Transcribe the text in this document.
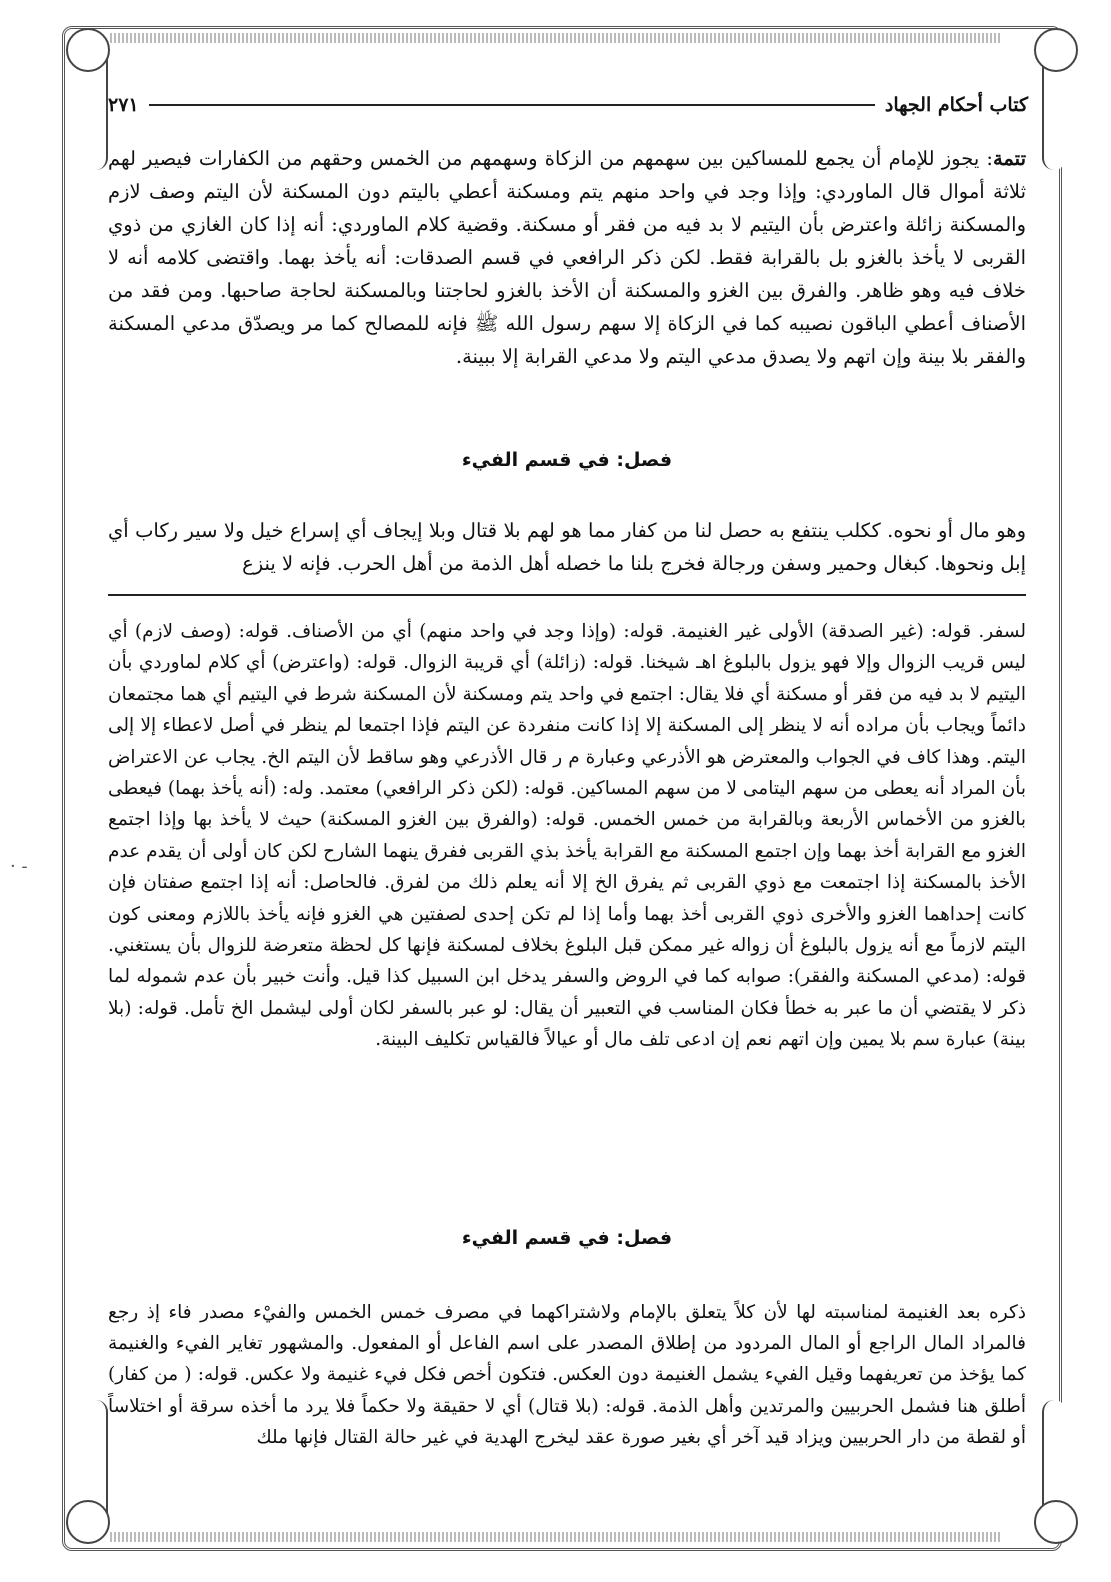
كتاب أحكام الجهاد
٢٧١

تتمة: يجوز للإمام أن يجمع للمساكين بين سهمهم من الزكاة وسهمهم من الخمس وحقهم من الكفارات فيصير لهم ثلاثة أموال قال الماوردي: وإذا وجد في واحد منهم يتم ومسكنة أعطي باليتم دون المسكنة لأن اليتم وصف لازم والمسكنة زائلة واعترض بأن اليتيم لا بد فيه من فقر أو مسكنة. وقضية كلام الماوردي: أنه إذا كان الغازي من ذوي القربى لا يأخذ بالغزو بل بالقرابة فقط. لكن ذكر الرافعي في قسم الصدقات: أنه يأخذ بهما. واقتضى كلامه أنه لا خلاف فيه وهو ظاهر. والفرق بين الغزو والمسكنة أن الأخذ بالغزو لحاجتنا وبالمسكنة لحاجة صاحبها. ومن فقد من الأصناف أعطي الباقون نصيبه كما في الزكاة إلا سهم رسول الله ﷺ فإنه للمصالح كما مر ويصدّق مدعي المسكنة والفقر بلا بينة وإن اتهم ولا يصدق مدعي اليتم ولا مدعي القرابة إلا ببينة.

فصل: في قسم الفيء

وهو مال أو نحوه. ككلب ينتفع به حصل لنا من كفار مما هو لهم بلا قتال وبلا إيجاف أي إسراع خيل ولا سير ركاب أي إبل ونحوها. كبغال وحمير وسفن ورجالة فخرج بلنا ما خصله أهل الذمة من أهل الحرب. فإنه لا ينزع

لسفر. قوله: (غير الصدقة) الأولى غير الغنيمة. قوله: (وإذا وجد في واحد منهم) أي من الأصناف. قوله: (وصف لازم) أي ليس قريب الزوال وإلا فهو يزول بالبلوغ اهـ شيخنا. قوله: (زائلة) أي قريبة الزوال. قوله: (واعترض) أي كلام لماوردي بأن اليتيم لا بد فيه من فقر أو مسكنة أي فلا يقال: اجتمع في واحد يتم ومسكنة لأن المسكنة شرط في اليتيم أي هما مجتمعان دائماً ويجاب بأن مراده أنه لا ينظر إلى المسكنة إلا إذا كانت منفردة عن اليتم فإذا اجتمعا لم ينظر في أصل لاعطاء إلا إلى اليتم. وهذا كاف في الجواب والمعترض هو الأذرعي وعبارة م ر قال الأذرعي وهو ساقط لأن اليتم الخ. يجاب عن الاعتراض بأن المراد أنه يعطى من سهم اليتامى لا من سهم المساكين. قوله: (لكن ذكر الرافعي) معتمد. وله: (أنه يأخذ بهما) فيعطى بالغزو من الأخماس الأربعة وبالقرابة من خمس الخمس. قوله: (والفرق بين الغزو المسكنة) حيث لا يأخذ بها وإذا اجتمع الغزو مع القرابة أخذ بهما وإن اجتمع المسكنة مع القرابة يأخذ بذي القربى ففرق ينهما الشارح لكن كان أولى أن يقدم عدم الأخذ بالمسكنة إذا اجتمعت مع ذوي القربى ثم يفرق الخ إلا أنه يعلم ذلك من لفرق. فالحاصل: أنه إذا اجتمع صفتان فإن كانت إحداهما الغزو والأخرى ذوي القربى أخذ بهما وأما إذا لم تكن إحدى لصفتين هي الغزو فإنه يأخذ باللازم ومعنى كون اليتم لازماً مع أنه يزول بالبلوغ أن زواله غير ممكن قبل البلوغ بخلاف لمسكنة فإنها كل لحظة متعرضة للزوال بأن يستغني. قوله: (مدعي المسكنة والفقر): صوابه كما في الروض والسفر يدخل ابن السبيل كذا قيل. وأنت خبير بأن عدم شموله لما ذكر لا يقتضي أن ما عبر به خطأ فكان المناسب في التعبير أن يقال: لو عبر بالسفر لكان أولى ليشمل الخ تأمل. قوله: (بلا بينة) عبارة سم بلا يمين وإن اتهم نعم إن ادعى تلف مال أو عيالاً فالقياس تكليف البينة.

فصل: في قسم الفيء

ذكره بعد الغنيمة لمناسبته لها لأن كلاً يتعلق بالإمام ولاشتراكهما في مصرف خمس الخمس والفيْء مصدر فاء إذ رجع فالمراد المال الراجع أو المال المردود من إطلاق المصدر على اسم الفاعل أو المفعول. والمشهور تغاير الفيء والغنيمة كما يؤخذ من تعريفهما وقيل الفيء يشمل الغنيمة دون العكس. فتكون أخص فكل فيء غنيمة ولا عكس. قوله: ( من كفار) أطلق هنا فشمل الحربيين والمرتدين وأهل الذمة. قوله: (بلا قتال) أي لا حقيقة ولا حكماً فلا يرد ما أخذه سرقة أو اختلاساً أو لقطة من دار الحربيين ويزاد قيد آخر أي بغير صورة عقد ليخرج الهدية في غير حالة القتال فإنها ملك

- ·
